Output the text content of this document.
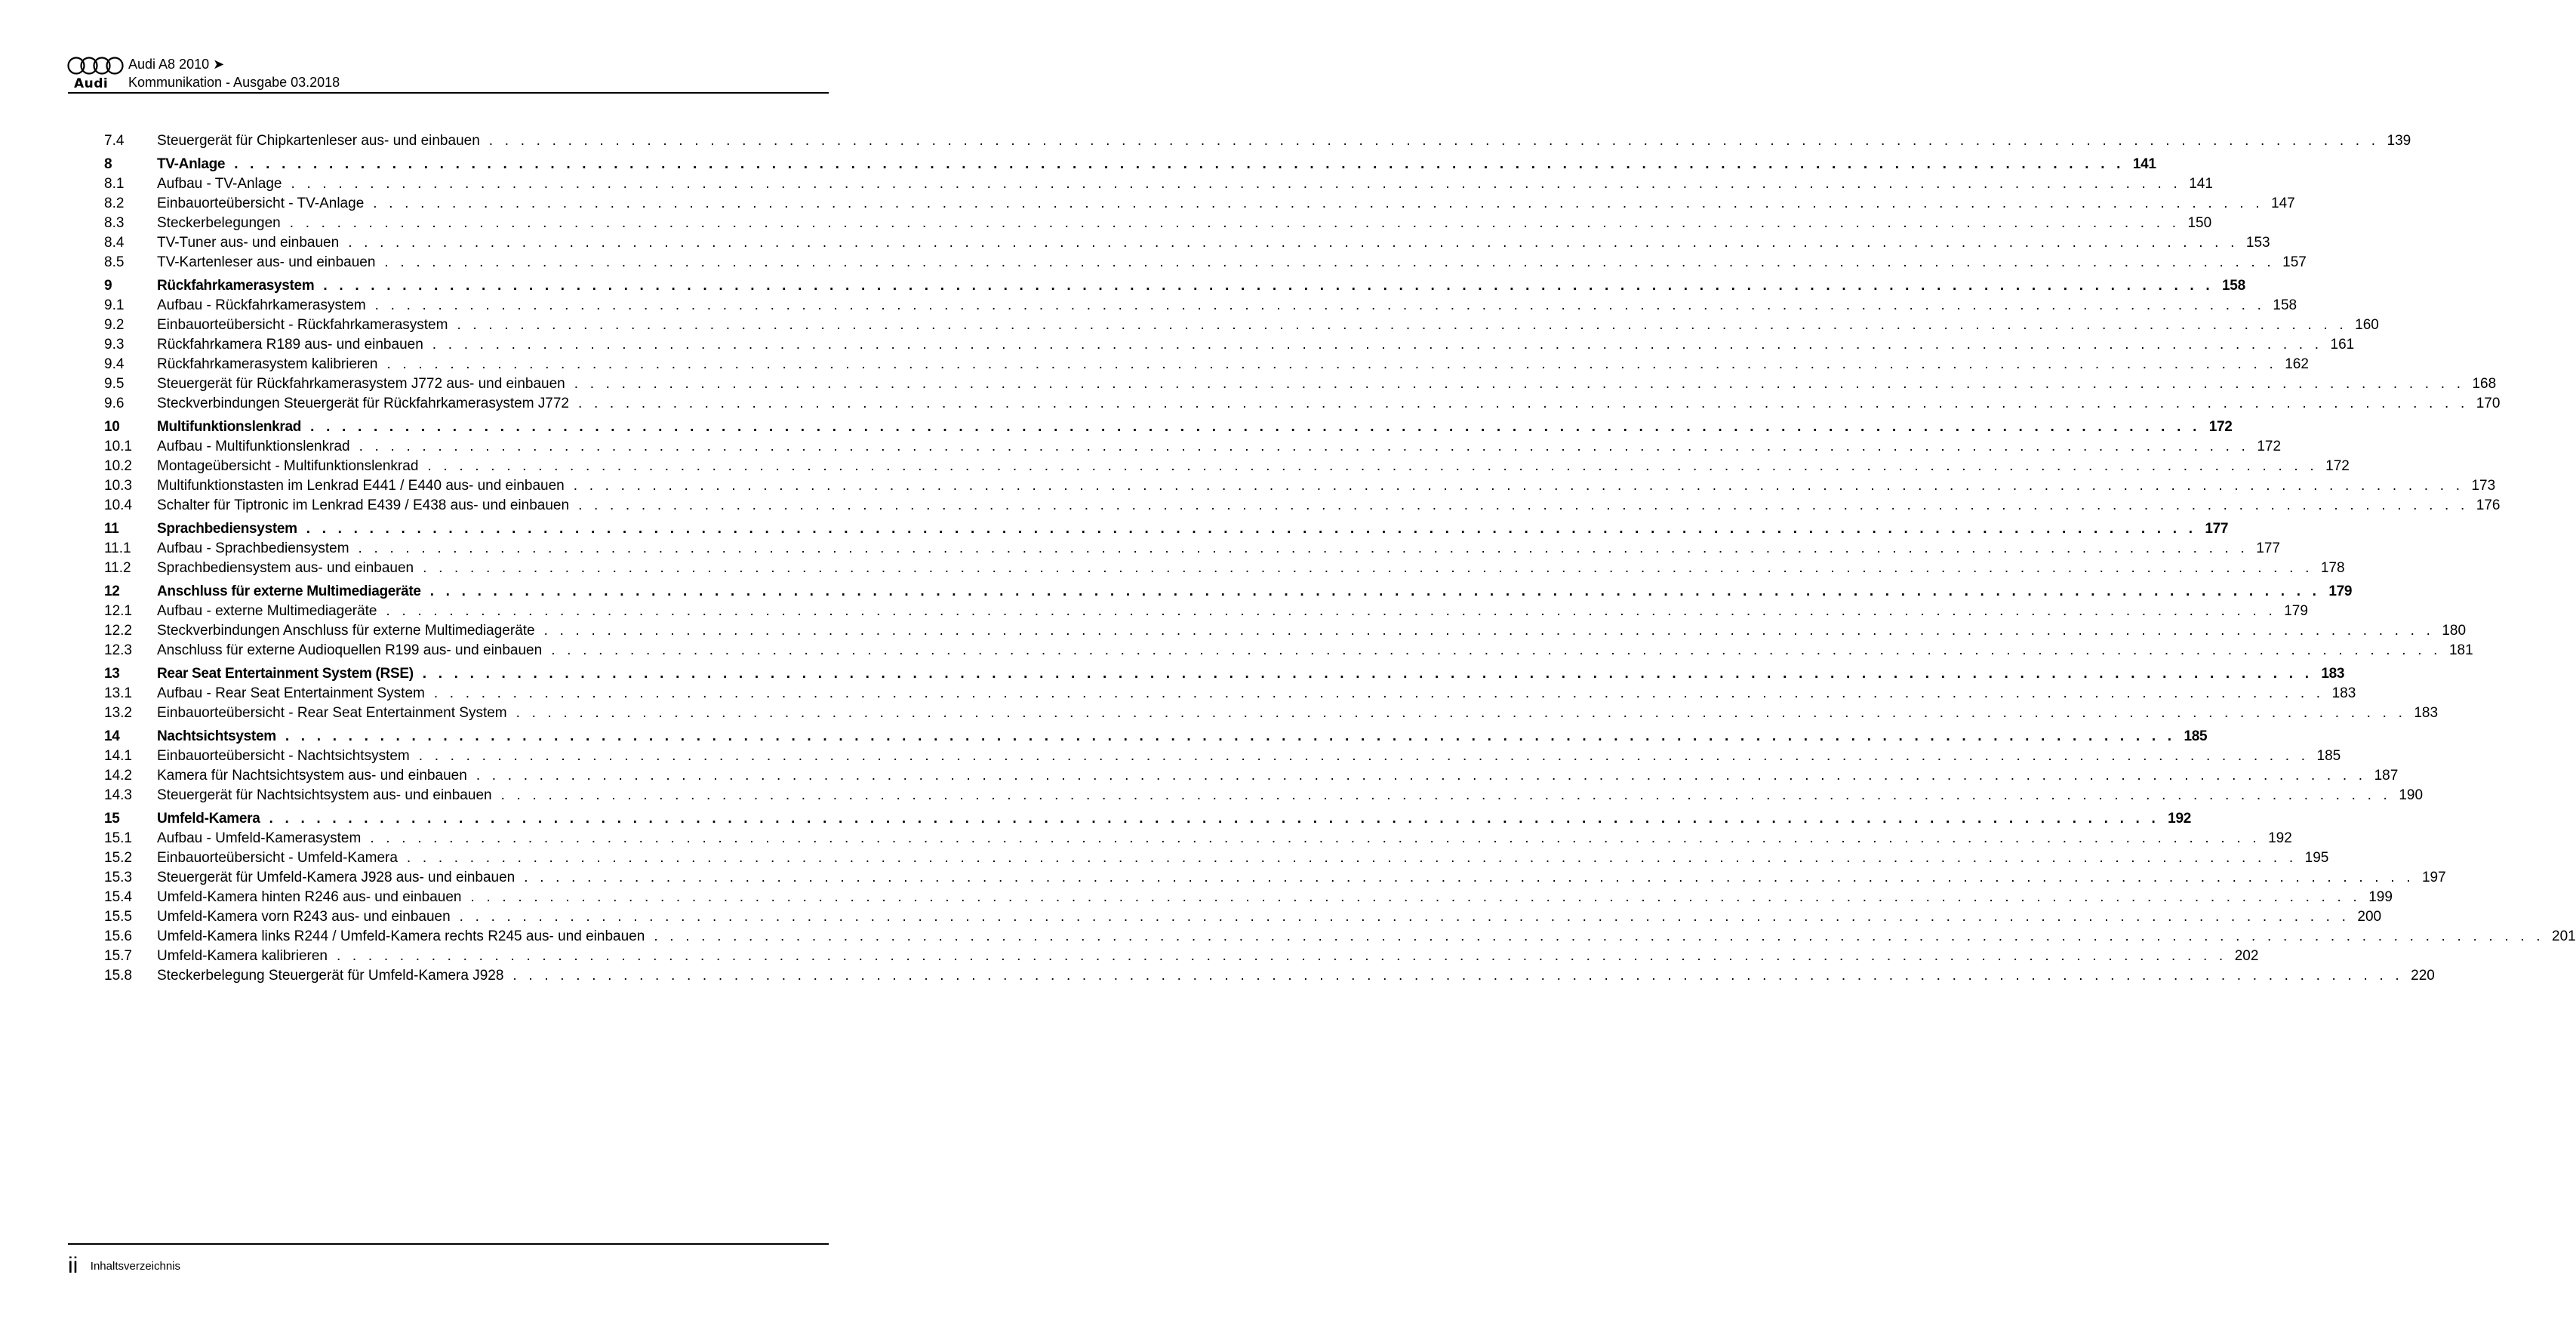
Audi
Audi A8 2010 ➤
Kommunikation - Ausgabe 03.2018
7.4	Steuergerät für Chipkartenleser aus- und einbauen . . . . . . . . . . . . . . . . . . . . . . . . . . . . . . . . . . . . . . . . . . . . . . . . . . . . . . . . . . . . . . . . . . . . . . . . . . . . . . . . . . . . . . . . . . . . . . . . . . . . . . . . . . . . . . . . . . . . . . . . 139
8	TV-Anlage . . . . . . . . . . . . . . . . . . . . . . . . . . . . . . . . . . . . . . . . . . . . . . . . . . . . . . . . . . . . . . . . . . . . . . . . . . . . . . . . . . . . . . . . . . . . . . . . . . . . . . . . . . . . . . . . . . . . . . . . 141
8.1	Aufbau - TV-Anlage . . . . . . . . . . . . . . . . . . . . . . . . . . . . . . . . . . . . . . . . . . . . . . . . . . . . . . . . . . . . . . . . . . . . . . . . . . . . . . . . . . . . . . . . . . . . . . . . . . . . . . . . . . . . . . . . . . . . . . . . 141
8.2	Einbauorteübersicht - TV-Anlage . . . . . . . . . . . . . . . . . . . . . . . . . . . . . . . . . . . . . . . . . . . . . . . . . . . . . . . . . . . . . . . . . . . . . . . . . . . . . . . . . . . . . . . . . . . . . . . . . . . . . . . . . . . . . . . . . . . . . . . . 147
8.3	Steckerbelegungen . . . . . . . . . . . . . . . . . . . . . . . . . . . . . . . . . . . . . . . . . . . . . . . . . . . . . . . . . . . . . . . . . . . . . . . . . . . . . . . . . . . . . . . . . . . . . . . . . . . . . . . . . . . . . . . . . . . . . . . . 150
8.4	TV-Tuner aus- und einbauen . . . . . . . . . . . . . . . . . . . . . . . . . . . . . . . . . . . . . . . . . . . . . . . . . . . . . . . . . . . . . . . . . . . . . . . . . . . . . . . . . . . . . . . . . . . . . . . . . . . . . . . . . . . . . . . . . . . . . . . . 153
8.5	TV-Kartenleser aus- und einbauen . . . . . . . . . . . . . . . . . . . . . . . . . . . . . . . . . . . . . . . . . . . . . . . . . . . . . . . . . . . . . . . . . . . . . . . . . . . . . . . . . . . . . . . . . . . . . . . . . . . . . . . . . . . . . . . . . . . . . . . . 157
9	Rückfahrkamerasystem . . . . . . . . . . . . . . . . . . . . . . . . . . . . . . . . . . . . . . . . . . . . . . . . . . . . . . . . . . . . . . . . . . . . . . . . . . . . . . . . . . . . . . . . . . . . . . . . . . . . . . . . . . . . . . . . . . . . . . . . 158
9.1	Aufbau - Rückfahrkamerasystem . . . . . . . . . . . . . . . . . . . . . . . . . . . . . . . . . . . . . . . . . . . . . . . . . . . . . . . . . . . . . . . . . . . . . . . . . . . . . . . . . . . . . . . . . . . . . . . . . . . . . . . . . . . . . . . . . . . . . . . . 158
9.2	Einbauorteübersicht - Rückfahrkamerasystem . . . . . . . . . . . . . . . . . . . . . . . . . . . . . . . . . . . . . . . . . . . . . . . . . . . . . . . . . . . . . . . . . . . . . . . . . . . . . . . . . . . . . . . . . . . . . . . . . . . . . . . . . . . . . . . . . . . . . . . . 160
9.3	Rückfahrkamera R189 aus- und einbauen . . . . . . . . . . . . . . . . . . . . . . . . . . . . . . . . . . . . . . . . . . . . . . . . . . . . . . . . . . . . . . . . . . . . . . . . . . . . . . . . . . . . . . . . . . . . . . . . . . . . . . . . . . . . . . . . . . . . . . . . 161
9.4	Rückfahrkamerasystem kalibrieren . . . . . . . . . . . . . . . . . . . . . . . . . . . . . . . . . . . . . . . . . . . . . . . . . . . . . . . . . . . . . . . . . . . . . . . . . . . . . . . . . . . . . . . . . . . . . . . . . . . . . . . . . . . . . . . . . . . . . . . . 162
9.5	Steuergerät für Rückfahrkamerasystem J772 aus- und einbauen . . . . . . . . . . . . . . . . . . . . . . . . . . . . . . . . . . . . . . . . . . . . . . . . . . . . . . . . . . . . . . . . . . . . . . . . . . . . . . . . . . . . . . . . . . . . . . . . . . . . . . . . . . . . . . . . . . . . . . . . 168
9.6	Steckverbindungen Steuergerät für Rückfahrkamerasystem J772 . . . . . . . . . . . . . . . . . . . . . . . . . . . . . . . . . . . . . . . . . . . . . . . . . . . . . . . . . . . . . . . . . . . . . . . . . . . . . . . . . . . . . . . . . . . . . . . . . . . . . . . . . . . . . . . . . . . . . . . . 170
10	Multifunktionslenkrad . . . . . . . . . . . . . . . . . . . . . . . . . . . . . . . . . . . . . . . . . . . . . . . . . . . . . . . . . . . . . . . . . . . . . . . . . . . . . . . . . . . . . . . . . . . . . . . . . . . . . . . . . . . . . . . . . . . . . . . . 172
10.1	Aufbau - Multifunktionslenkrad . . . . . . . . . . . . . . . . . . . . . . . . . . . . . . . . . . . . . . . . . . . . . . . . . . . . . . . . . . . . . . . . . . . . . . . . . . . . . . . . . . . . . . . . . . . . . . . . . . . . . . . . . . . . . . . . . . . . . . . . 172
10.2	Montageübersicht - Multifunktionslenkrad . . . . . . . . . . . . . . . . . . . . . . . . . . . . . . . . . . . . . . . . . . . . . . . . . . . . . . . . . . . . . . . . . . . . . . . . . . . . . . . . . . . . . . . . . . . . . . . . . . . . . . . . . . . . . . . . . . . . . . . . 172
10.3	Multifunktionstasten im Lenkrad E441 / E440 aus- und einbauen . . . . . . . . . . . . . . . . . . . . . . . . . . . . . . . . . . . . . . . . . . . . . . . . . . . . . . . . . . . . . . . . . . . . . . . . . . . . . . . . . . . . . . . . . . . . . . . . . . . . . . . . . . . . . . . . . . . . . . . . 173
10.4	Schalter für Tiptronic im Lenkrad E439 / E438 aus- und einbauen . . . . . . . . . . . . . . . . . . . . . . . . . . . . . . . . . . . . . . . . . . . . . . . . . . . . . . . . . . . . . . . . . . . . . . . . . . . . . . . . . . . . . . . . . . . . . . . . . . . . . . . . . . . . . . . . . . . . . . . . 176
11	Sprachbediensystem . . . . . . . . . . . . . . . . . . . . . . . . . . . . . . . . . . . . . . . . . . . . . . . . . . . . . . . . . . . . . . . . . . . . . . . . . . . . . . . . . . . . . . . . . . . . . . . . . . . . . . . . . . . . . . . . . . . . . . . . 177
11.1	Aufbau - Sprachbediensystem . . . . . . . . . . . . . . . . . . . . . . . . . . . . . . . . . . . . . . . . . . . . . . . . . . . . . . . . . . . . . . . . . . . . . . . . . . . . . . . . . . . . . . . . . . . . . . . . . . . . . . . . . . . . . . . . . . . . . . . . 177
11.2	Sprachbediensystem aus- und einbauen . . . . . . . . . . . . . . . . . . . . . . . . . . . . . . . . . . . . . . . . . . . . . . . . . . . . . . . . . . . . . . . . . . . . . . . . . . . . . . . . . . . . . . . . . . . . . . . . . . . . . . . . . . . . . . . . . . . . . . . . 178
12	Anschluss für externe Multimediageräte . . . . . . . . . . . . . . . . . . . . . . . . . . . . . . . . . . . . . . . . . . . . . . . . . . . . . . . . . . . . . . . . . . . . . . . . . . . . . . . . . . . . . . . . . . . . . . . . . . . . . . . . . . . . . . . . . . . . . . . . 179
12.1	Aufbau - externe Multimediageräte . . . . . . . . . . . . . . . . . . . . . . . . . . . . . . . . . . . . . . . . . . . . . . . . . . . . . . . . . . . . . . . . . . . . . . . . . . . . . . . . . . . . . . . . . . . . . . . . . . . . . . . . . . . . . . . . . . . . . . . . 179
12.2	Steckverbindungen Anschluss für externe Multimediageräte . . . . . . . . . . . . . . . . . . . . . . . . . . . . . . . . . . . . . . . . . . . . . . . . . . . . . . . . . . . . . . . . . . . . . . . . . . . . . . . . . . . . . . . . . . . . . . . . . . . . . . . . . . . . . . . . . . . . . . . . 180
12.3	Anschluss für externe Audioquellen R199 aus- und einbauen . . . . . . . . . . . . . . . . . . . . . . . . . . . . . . . . . . . . . . . . . . . . . . . . . . . . . . . . . . . . . . . . . . . . . . . . . . . . . . . . . . . . . . . . . . . . . . . . . . . . . . . . . . . . . . . . . . . . . . . . 181
13	Rear Seat Entertainment System (RSE) . . . . . . . . . . . . . . . . . . . . . . . . . . . . . . . . . . . . . . . . . . . . . . . . . . . . . . . . . . . . . . . . . . . . . . . . . . . . . . . . . . . . . . . . . . . . . . . . . . . . . . . . . . . . . . . . . . . . . . . . 183
13.1	Aufbau - Rear Seat Entertainment System . . . . . . . . . . . . . . . . . . . . . . . . . . . . . . . . . . . . . . . . . . . . . . . . . . . . . . . . . . . . . . . . . . . . . . . . . . . . . . . . . . . . . . . . . . . . . . . . . . . . . . . . . . . . . . . . . . . . . . . . 183
13.2	Einbauorteübersicht - Rear Seat Entertainment System . . . . . . . . . . . . . . . . . . . . . . . . . . . . . . . . . . . . . . . . . . . . . . . . . . . . . . . . . . . . . . . . . . . . . . . . . . . . . . . . . . . . . . . . . . . . . . . . . . . . . . . . . . . . . . . . . . . . . . . . 183
14	Nachtsichtsystem . . . . . . . . . . . . . . . . . . . . . . . . . . . . . . . . . . . . . . . . . . . . . . . . . . . . . . . . . . . . . . . . . . . . . . . . . . . . . . . . . . . . . . . . . . . . . . . . . . . . . . . . . . . . . . . . . . . . . . . . 185
14.1	Einbauorteübersicht - Nachtsichtsystem . . . . . . . . . . . . . . . . . . . . . . . . . . . . . . . . . . . . . . . . . . . . . . . . . . . . . . . . . . . . . . . . . . . . . . . . . . . . . . . . . . . . . . . . . . . . . . . . . . . . . . . . . . . . . . . . . . . . . . . . 185
14.2	Kamera für Nachtsichtsystem aus- und einbauen . . . . . . . . . . . . . . . . . . . . . . . . . . . . . . . . . . . . . . . . . . . . . . . . . . . . . . . . . . . . . . . . . . . . . . . . . . . . . . . . . . . . . . . . . . . . . . . . . . . . . . . . . . . . . . . . . . . . . . . . 187
14.3	Steuergerät für Nachtsichtsystem aus- und einbauen . . . . . . . . . . . . . . . . . . . . . . . . . . . . . . . . . . . . . . . . . . . . . . . . . . . . . . . . . . . . . . . . . . . . . . . . . . . . . . . . . . . . . . . . . . . . . . . . . . . . . . . . . . . . . . . . . . . . . . . . 190
15	Umfeld-Kamera . . . . . . . . . . . . . . . . . . . . . . . . . . . . . . . . . . . . . . . . . . . . . . . . . . . . . . . . . . . . . . . . . . . . . . . . . . . . . . . . . . . . . . . . . . . . . . . . . . . . . . . . . . . . . . . . . . . . . . . . 192
15.1	Aufbau - Umfeld-Kamerasystem . . . . . . . . . . . . . . . . . . . . . . . . . . . . . . . . . . . . . . . . . . . . . . . . . . . . . . . . . . . . . . . . . . . . . . . . . . . . . . . . . . . . . . . . . . . . . . . . . . . . . . . . . . . . . . . . . . . . . . . . 192
15.2	Einbauorteübersicht - Umfeld-Kamera . . . . . . . . . . . . . . . . . . . . . . . . . . . . . . . . . . . . . . . . . . . . . . . . . . . . . . . . . . . . . . . . . . . . . . . . . . . . . . . . . . . . . . . . . . . . . . . . . . . . . . . . . . . . . . . . . . . . . . . . 195
15.3	Steuergerät für Umfeld-Kamera J928 aus- und einbauen . . . . . . . . . . . . . . . . . . . . . . . . . . . . . . . . . . . . . . . . . . . . . . . . . . . . . . . . . . . . . . . . . . . . . . . . . . . . . . . . . . . . . . . . . . . . . . . . . . . . . . . . . . . . . . . . . . . . . . . . 197
15.4	Umfeld-Kamera hinten R246 aus- und einbauen . . . . . . . . . . . . . . . . . . . . . . . . . . . . . . . . . . . . . . . . . . . . . . . . . . . . . . . . . . . . . . . . . . . . . . . . . . . . . . . . . . . . . . . . . . . . . . . . . . . . . . . . . . . . . . . . . . . . . . . . 199
15.5	Umfeld-Kamera vorn R243 aus- und einbauen . . . . . . . . . . . . . . . . . . . . . . . . . . . . . . . . . . . . . . . . . . . . . . . . . . . . . . . . . . . . . . . . . . . . . . . . . . . . . . . . . . . . . . . . . . . . . . . . . . . . . . . . . . . . . . . . . . . . . . . . 200
15.6	Umfeld-Kamera links R244 / Umfeld-Kamera rechts R245 aus- und einbauen . . . . . . . . . . . . . . . . . . . . . . . . . . . . . . . . . . . . . . . . . . . . . . . . . . . . . . . . . . . . . . . . . . . . . . . . . . . . . . . . . . . . . . . . . . . . . . . . . . . . . . . . . . . . . . . . . . . . . . . . 201
15.7	Umfeld-Kamera kalibrieren . . . . . . . . . . . . . . . . . . . . . . . . . . . . . . . . . . . . . . . . . . . . . . . . . . . . . . . . . . . . . . . . . . . . . . . . . . . . . . . . . . . . . . . . . . . . . . . . . . . . . . . . . . . . . . . . . . . . . . . . 202
15.8	Steckerbelegung Steuergerät für Umfeld-Kamera J928 . . . . . . . . . . . . . . . . . . . . . . . . . . . . . . . . . . . . . . . . . . . . . . . . . . . . . . . . . . . . . . . . . . . . . . . . . . . . . . . . . . . . . . . . . . . . . . . . . . . . . . . . . . . . . . . . . . . . . . . . 220
ii Inhaltsverzeichnis
